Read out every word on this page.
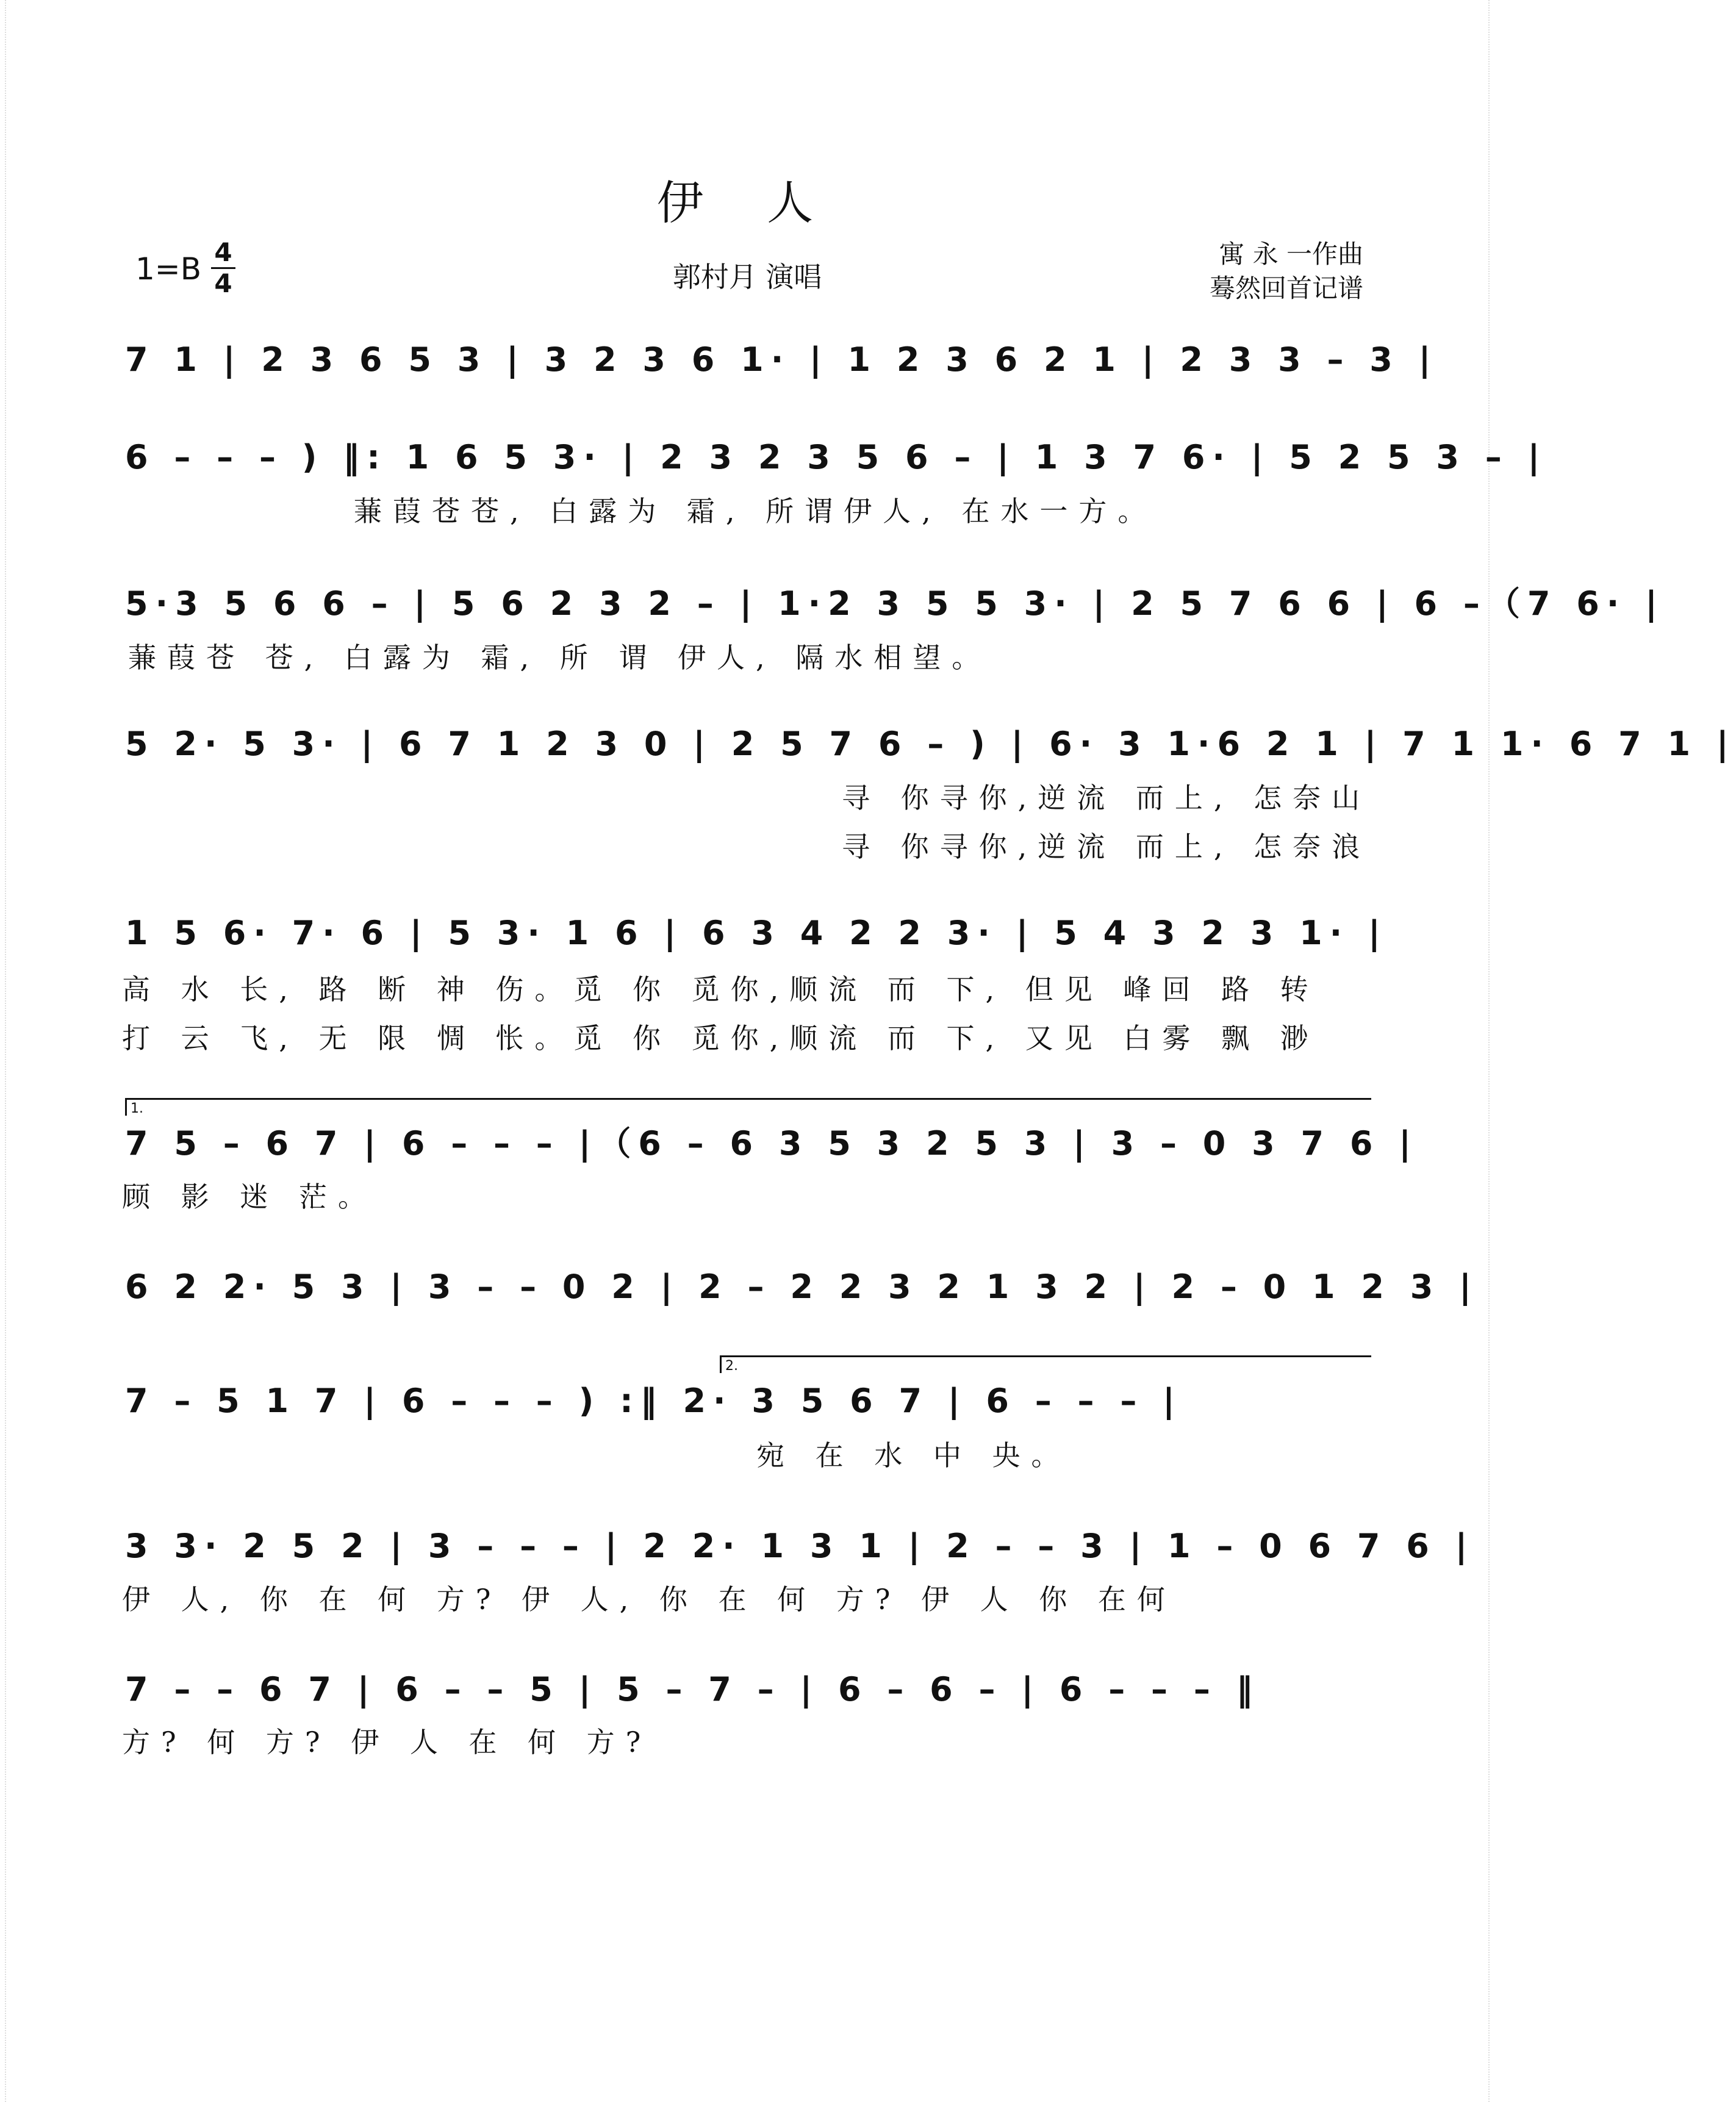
伊 人
1=B 4
4	郭村月 演唱
寓 永 一作曲
蓦然回首记谱
1.
2.
7 1 | 2 3 6 5 3 | 3 2 3 6 1· | 1 2 3 6 2 1 | 2 3 3 – 3 |
6 – – – ) ‖: 1 6 5 3· | 2 3 2 3 5 6 – | 1 3 7 6· | 5 2 5 3 – |
蒹葭苍苍, 白露为 霜, 所谓伊人, 在水一方。
5·3 5 6 6 – | 5 6 2 3 2 – | 1·2 3 5 5 3· | 2 5 7 6 6 | 6 –（7 6· |
蒹葭苍 苍, 白露为 霜, 所 谓 伊人, 隔水相望。
5 2· 5 3· | 6 7 1 2 3 0 | 2 5 7 6 – ) | 6· 3 1·6 2 1 | 7 1 1· 6 7 1 |
寻 你寻你,逆流 而上, 怎奈山
寻 你寻你,逆流 而上, 怎奈浪
1 5 6· 7· 6 | 5 3· 1 6 | 6 3 4 2 2 3· | 5 4 3 2 3 1· |
高 水 长, 路 断 神 伤。觅 你 觅你,顺流 而 下, 但见 峰回 路 转
打 云 飞, 无 限 惆 怅。觅 你 觅你,顺流 而 下, 又见 白雾 飘 渺
7 5 – 6 7 | 6 – – – |（6 – 6 3 5 3 2 5 3 | 3 – 0 3 7 6 |
顾 影 迷 茫。
6 2 2· 5 3 | 3 – – 0 2 | 2 – 2 2 3 2 1 3 2 | 2 – 0 1 2 3 |
7 – 5 1 7 | 6 – – – ) :‖ 2· 3 5 6 7 | 6 – – – |
宛 在 水 中 央。
3 3· 2 5 2 | 3 – – – | 2 2· 1 3 1 | 2 – – 3 | 1 – 0 6 7 6 |
伊 人, 你 在 何 方? 伊 人, 你 在 何 方? 伊 人 你 在何
7 – – 6 7 | 6 – – 5 | 5 – 7 – | 6 – 6 – | 6 – – – ‖
方? 何 方? 伊 人 在 何 方?
